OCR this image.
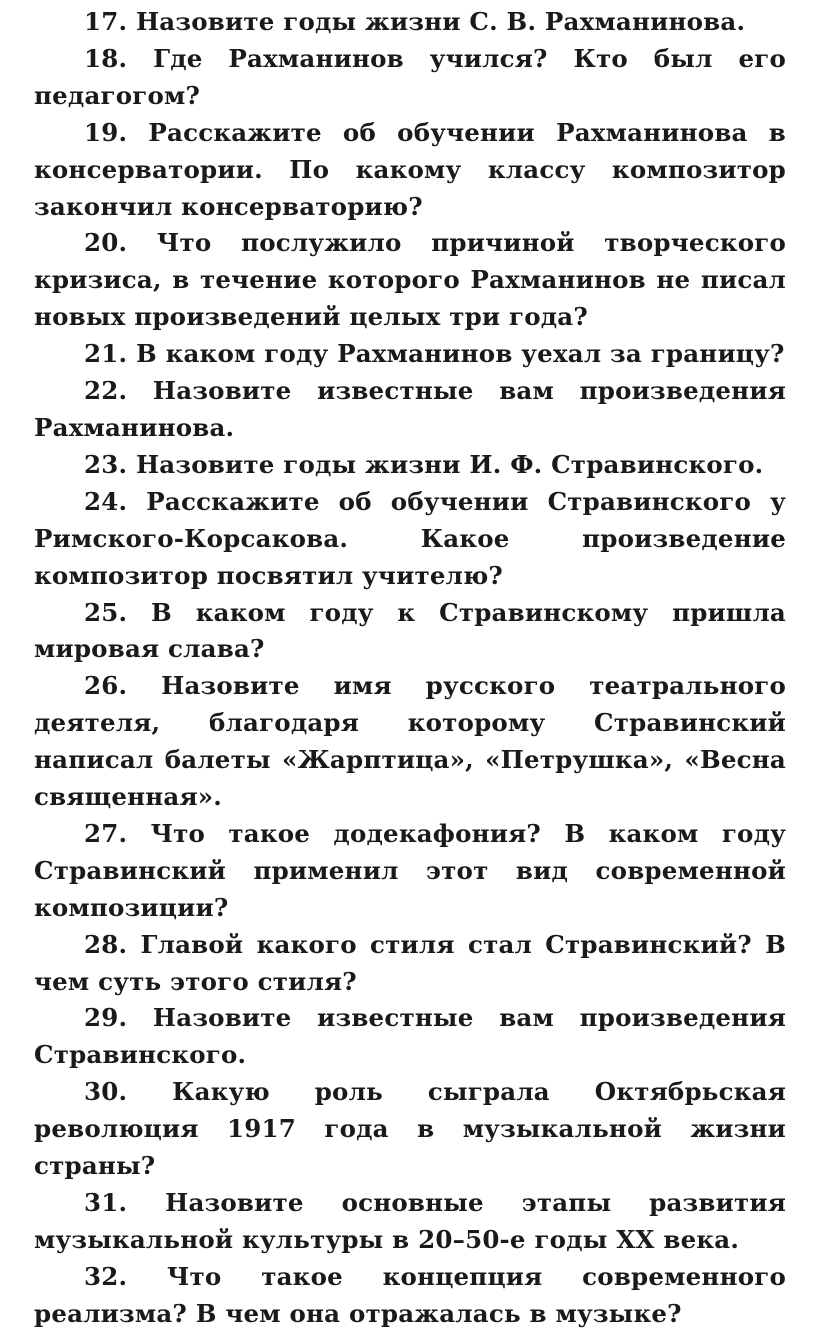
17. Назовите годы жизни С. В. Рахманинова.

18. Где Рахманинов учился? Кто был его педагогом?

19. Расскажите об обучении Рахманинова в консерватории. По какому классу композитор закончил консерваторию?

20. Что послужило причиной творческого кризиса, в течение которого Рахманинов не писал новых произведений целых три года?

21. В каком году Рахманинов уехал за границу?

22. Назовите известные вам произведения Рахманинова.

23. Назовите годы жизни И. Ф. Стравинского.

24. Расскажите об обучении Стравинского у Римского-Корсакова. Какое произведение композитор посвятил учителю?

25. В каком году к Стравинскому пришла мировая слава?

26. Назовите имя русского театрального деятеля, благодаря которому Стравинский написал балеты «Жарптица», «Петрушка», «Весна священная».

27. Что такое додекафония? В каком году Стравинский применил этот вид современной композиции?

28. Главой какого стиля стал Стравинский? В чем суть этого стиля?

29. Назовите известные вам произведения Стравинского.

30. Какую роль сыграла Октябрьская революция 1917 года в музыкальной жизни страны?

31. Назовите основные этапы развития музыкальной культуры в 20–50-е годы XX века.

32. Что такое концепция современного реализма? В чем она отражалась в музыке?
